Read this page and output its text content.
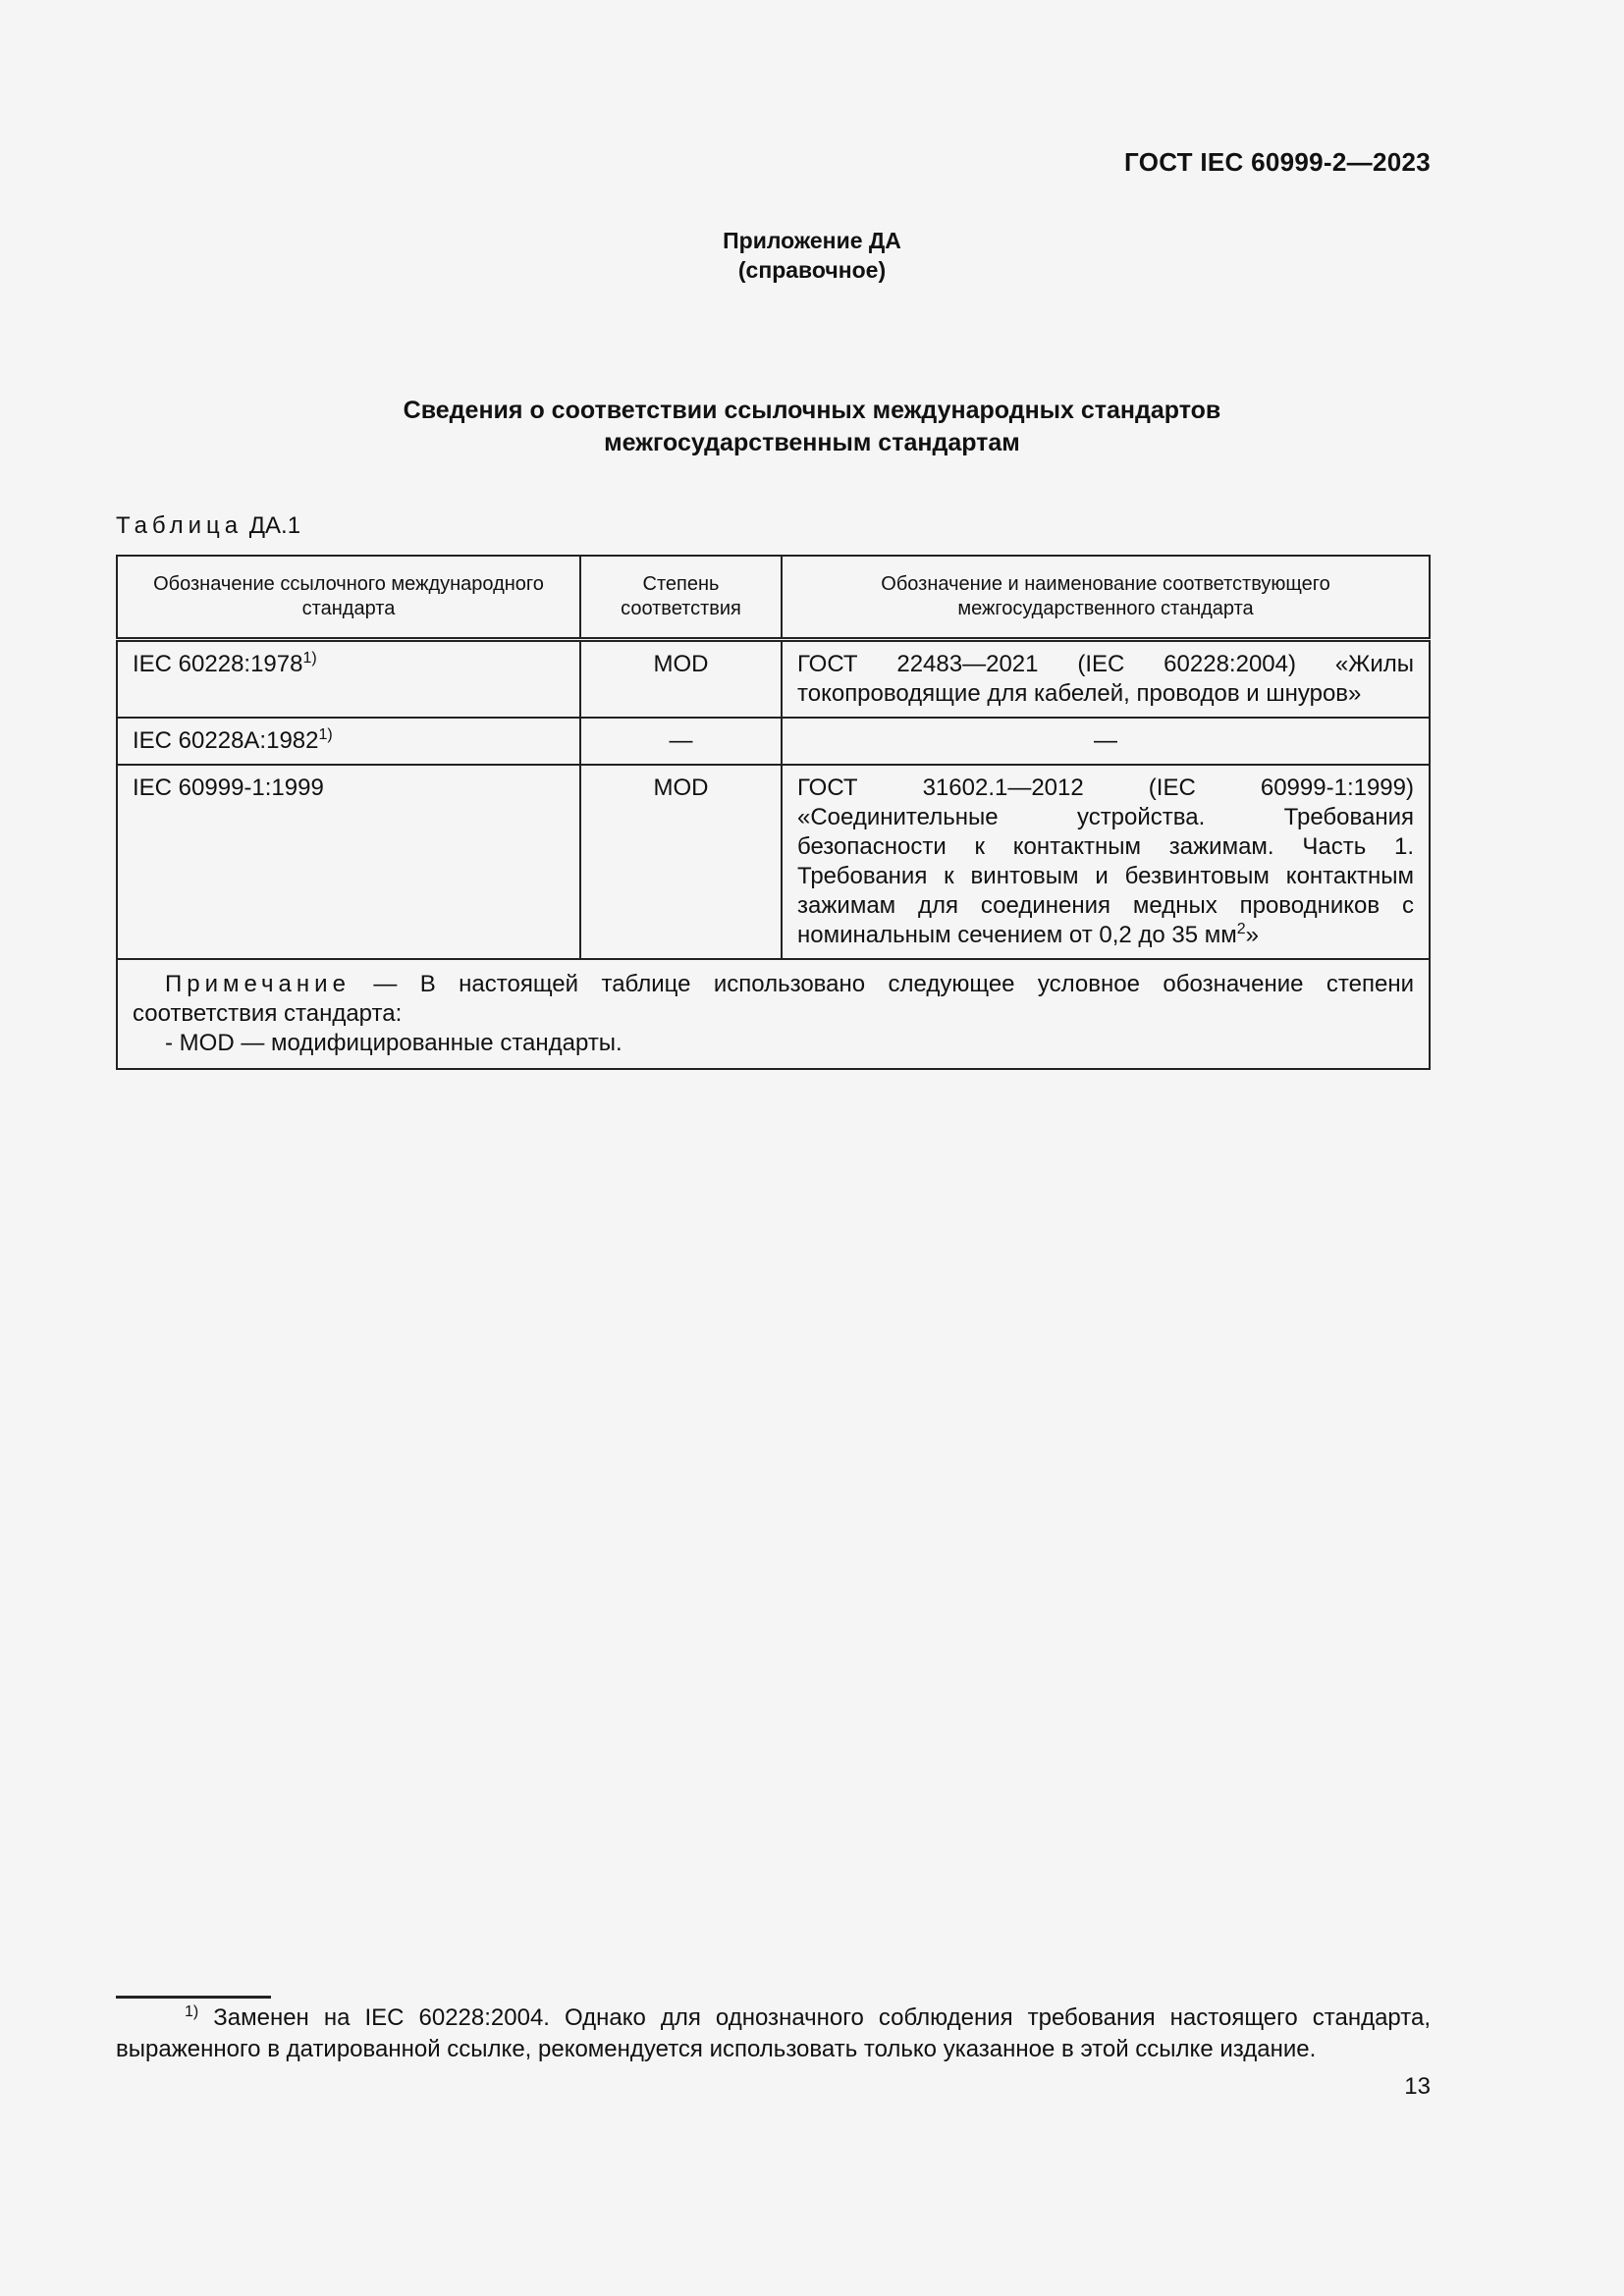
ГОСТ IEC 60999-2—2023
Приложение ДА
(справочное)
Сведения о соответствии ссылочных международных стандартов
межгосударственным стандартам
Таблица ДА.1
Обозначение ссылочного международного стандарта	Степень соответствия	Обозначение и наименование соответствующего межгосударственного стандарта
IEC 60228:1978$^{1)}$	MOD	ГОСТ 22483—2021 (IEC 60228:2004) «Жилы токопроводящие для кабелей, проводов и шнуров»
IEC 60228A:1982$^{1)}$	—	—
IEC 60999-1:1999	MOD	ГОСТ 31602.1—2012 (IEC 60999-1:1999) «Соединительные устройства. Требования безопасности к контактным зажимам. Часть 1. Требования к винтовым и безвинтовым контактным зажимам для соединения медных проводников с номинальным сечением от 0,2 до 35 $мм^2$»

Примечание — В настоящей таблице использовано следующее условное обозначение степени соответствия стандарта:
- MOD — модифицированные стандарты.		
$^{1)}$ Заменен на IEC 60228:2004. Однако для однозначного соблюдения требования настоящего стандарта, выраженного в датированной ссылке, рекомендуется использовать только указанное в этой ссылке издание.
13
